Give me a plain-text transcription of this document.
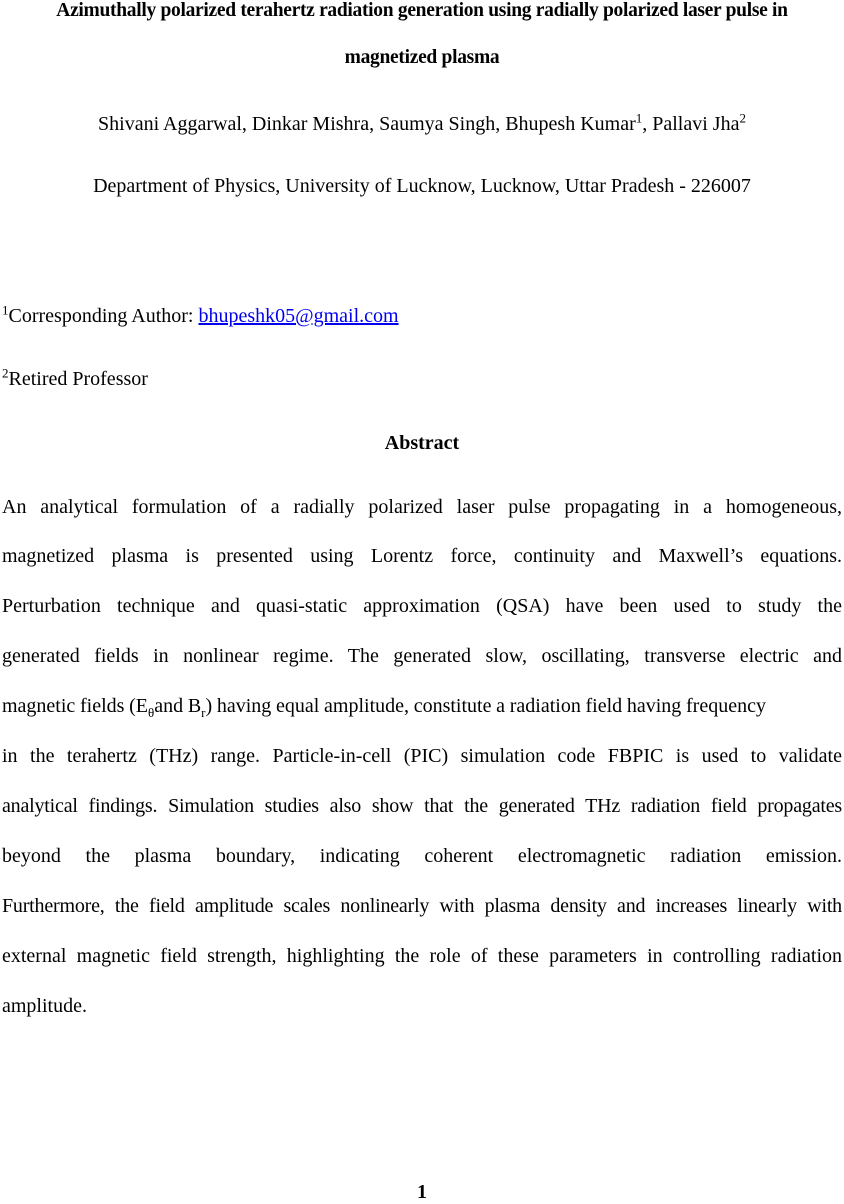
Azimuthally polarized terahertz radiation generation using radially polarized laser pulse in
magnetized plasma
Shivani Aggarwal, Dinkar Mishra, Saumya Singh, Bhupesh Kumar$^1$, Pallavi Jha$^2$
Department of Physics, University of Lucknow, Lucknow, Uttar Pradesh - 226007
$^1$Corresponding Author: bhupeshk05@gmail.com
$^2$Retired Professor
Abstract
An analytical formulation of a radially polarized laser pulse propagating in a homogeneous,
magnetized plasma is presented using Lorentz force, continuity and Maxwell’s equations.
Perturbation technique and quasi-static approximation (QSA) have been used to study the
generated fields in nonlinear regime. The generated slow, oscillating, transverse electric and
magnetic fields ($E_\theta and$ $B_r$) having equal amplitude, constitute a radiation field having frequency
in the terahertz (THz) range. Particle-in-cell (PIC) simulation code FBPIC is used to validate
analytical findings. Simulation studies also show that the generated THz radiation field propagates
beyond the plasma boundary, indicating coherent electromagnetic radiation emission.
Furthermore, the field amplitude scales nonlinearly with plasma density and increases linearly with
external magnetic field strength, highlighting the role of these parameters in controlling radiation
amplitude.
1
